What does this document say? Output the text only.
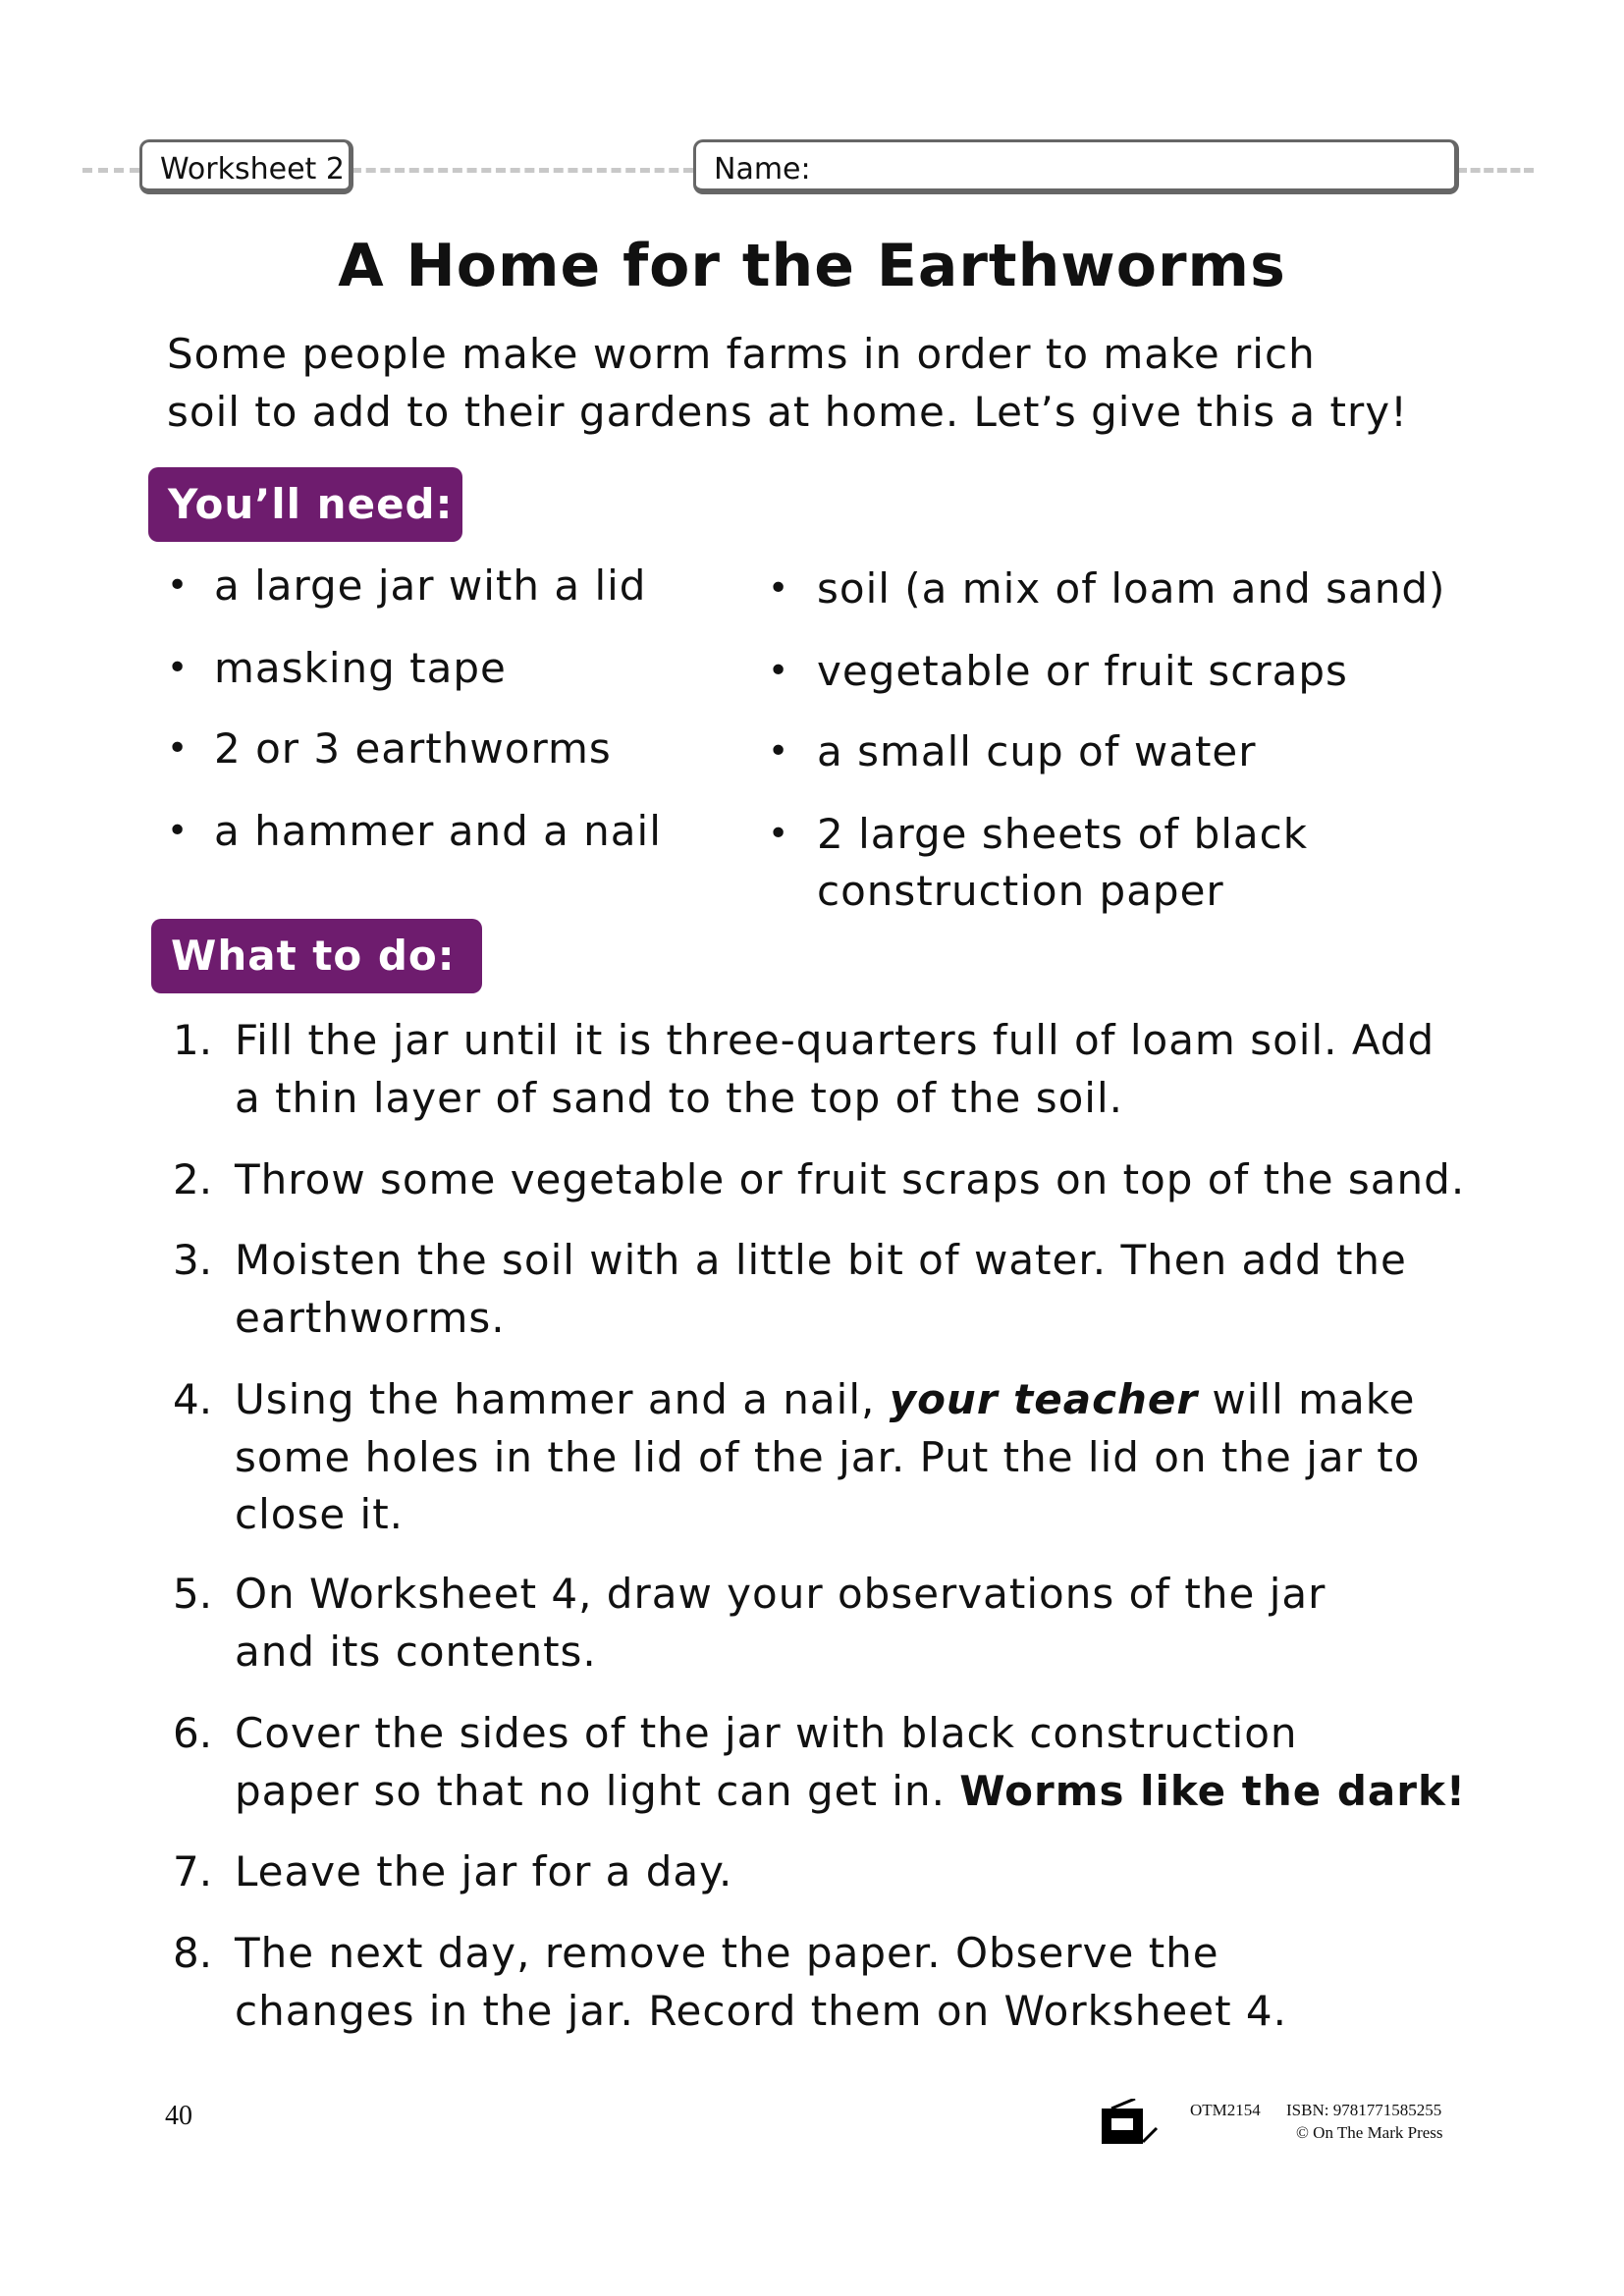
Worksheet 2	Name:
A Home for the Earthworms
Some people make worm farms in order to make rich
soil to add to their gardens at home. Let’s give this a try!
You’ll need:
• a large jar with a lid
• masking tape
• 2 or 3 earthworms
• a hammer and a nail
• soil (a mix of loam and sand)
• vegetable or fruit scraps
• a small cup of water
• 2 large sheets of black
construction paper
What to do:
1. Fill the jar until it is three-quarters full of loam soil. Add
a thin layer of sand to the top of the soil.
2. Throw some vegetable or fruit scraps on top of the sand.
3. Moisten the soil with a little bit of water. Then add the
earthworms.
4. Using the hammer and a nail, your teacher will make
some holes in the lid of the jar. Put the lid on the jar to
close it.
5. On Worksheet 4, draw your observations of the jar
and its contents.
6. Cover the sides of the jar with black construction
paper so that no light can get in. Worms like the dark!
7. Leave the jar for a day.
8. The next day, remove the paper. Observe the
changes in the jar. Record them on Worksheet 4.
40	OTM2154 ISBN: 9781771585255
© On The Mark Press
